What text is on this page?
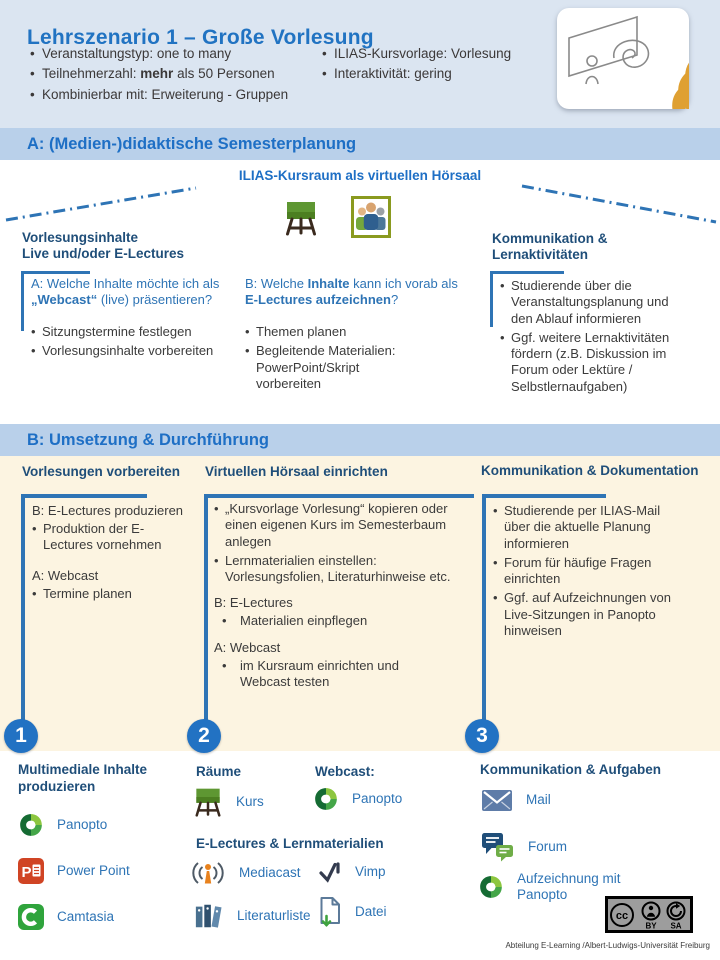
Lehrszenario 1 – Große Vorlesung
• Veranstaltungstyp: one to many
• Teilnehmerzahl: mehr als 50 Personen
• Kombinierbar mit: Erweiterung - Gruppen
• ILIAS-Kursvorlage: Vorlesung
• Interaktivität: gering
A: (Medien-)didaktische Semesterplanung
ILIAS-Kursraum als virtuellen Hörsaal
Vorlesungsinhalte
Live und/oder E-Lectures

A: Welche Inhalte möchte ich als „Webcast“ (live) präsentieren?

• Sitzungstermine festlegen
• Vorlesungsinhalte vorbereiten

B: Welche Inhalte kann ich vorab als E-Lectures aufzeichnen?

• Themen planen
• Begleitende Materialien: PowerPoint/Skript vorbereiten
Kommunikation &
Lernaktivitäten
• Studierende über die Veranstaltungsplanung und den Ablauf informieren
• Ggf. weitere Lernaktivitäten fördern (z.B. Diskussion im Forum oder Lektüre / Selbstlernaufgaben)
B: Umsetzung & Durchführung
Vorlesungen vorbereiten Virtuellen Hörsaal einrichten	Kommunikation & Dokumentation

B: E-Lectures produzieren

• Produktion der E-Lectures vornehmen

A: Webcast

• Termine planen
• „Kursvorlage Vorlesung“ kopieren oder einen eigenen Kurs im Semesterbaum anlegen
• Lernmaterialien einstellen: Vorlesungsfolien, Literaturhinweise etc.

B: E-Lectures

• Materialien einpflegen

A: Webcast

• im Kursraum einrichten und Webcast testen
• Studierende per ILIAS-Mail über die aktuelle Planung informieren
• Forum für häufige Fragen einrichten
• Ggf. auf Aufzeichnungen von Live-Sitzungen in Panopto hinweisen
1	2	3
Multimediale Inhalte
produzieren
Panopto
Power Point
Camtasia
Räume
Kurs
Webcast:
Panopto
E-Lectures & Lernmaterialien
Mediacast	Vimp
Literaturliste	Datei
Kommunikation & Aufgaben
Mail
Forum
Aufzeichnung mit Panopto
cc
BY SA
Abteilung E-Learning /Albert-Ludwigs-Universität Freiburg
